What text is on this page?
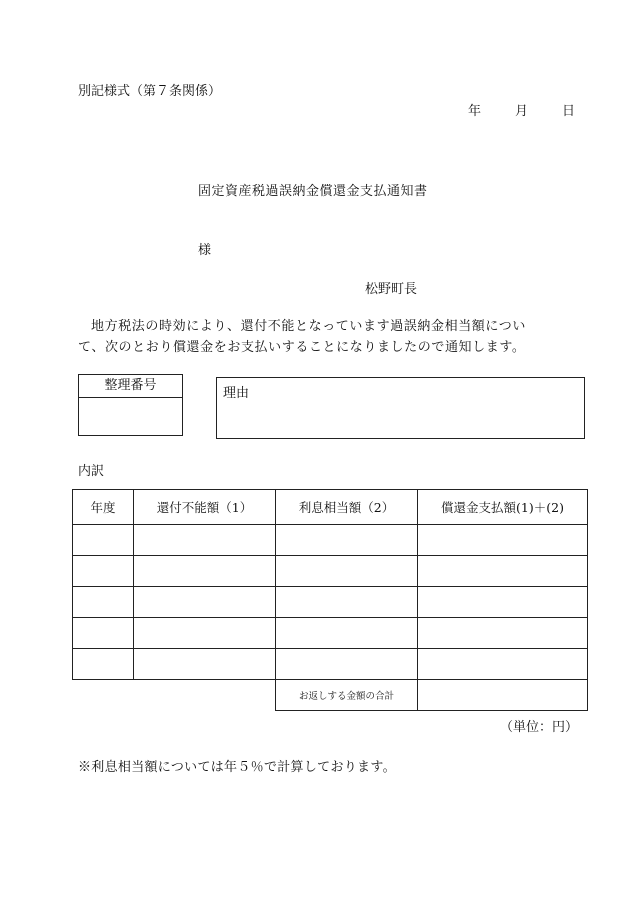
別記様式（第７条関係）
年	月	日
固定資産税過誤納金償還金支払通知書
様
松野町長
地方税法の時効により、還付不能となっています過誤納金相当額につい
て、次のとおり償還金をお支払いすることになりましたので通知します。
整理番号
理由
内訳
年度	還付不能額（1）	利息相当額（2）	償還金支払額(1)＋(2)

		お返しする金額の合計	
（単位：円）
※利息相当額については年５％で計算しております。
